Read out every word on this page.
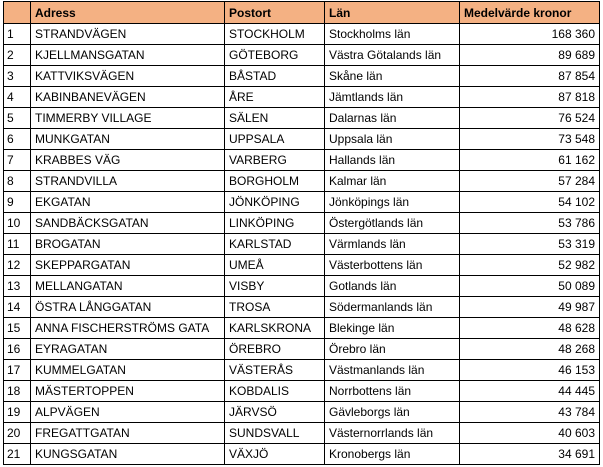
	Adress	Postort	Län	Medelvärde kronor
1	STRANDVÄGEN	STOCKHOLM	Stockholms län	168 360
2	KJELLMANSGATAN	GÖTEBORG	Västra Götalands län	89 689
3	KATTVIKSVÄGEN	BÅSTAD	Skåne län	87 854
4	KABINBANEVÄGEN	ÅRE	Jämtlands län	87 818
5	TIMMERBY VILLAGE	SÄLEN	Dalarnas län	76 524
6	MUNKGATAN	UPPSALA	Uppsala län	73 548
7	KRABBES VÄG	VARBERG	Hallands län	61 162
8	STRANDVILLA	BORGHOLM	Kalmar län	57 284
9	EKGATAN	JÖNKÖPING	Jönköpings län	54 102
10	SANDBÄCKSGATAN	LINKÖPING	Östergötlands län	53 786
11	BROGATAN	KARLSTAD	Värmlands län	53 319
12	SKEPPARGATAN	UMEÅ	Västerbottens län	52 982
13	MELLANGATAN	VISBY	Gotlands län	50 089
14	ÖSTRA LÅNGGATAN	TROSA	Södermanlands län	49 987
15	ANNA FISCHERSTRÖMS GATA	KARLSKRONA	Blekinge län	48 628
16	EYRAGATAN	ÖREBRO	Örebro län	48 268
17	KUMMELGATAN	VÄSTERÅS	Västmanlands län	46 153
18	MÄSTERTOPPEN	KOBDALIS	Norrbottens län	44 445
19	ALPVÄGEN	JÄRVSÖ	Gävleborgs län	43 784
20	FREGATTGATAN	SUNDSVALL	Västernorrlands län	40 603
21	KUNGSGATAN	VÄXJÖ	Kronobergs län	34 691
